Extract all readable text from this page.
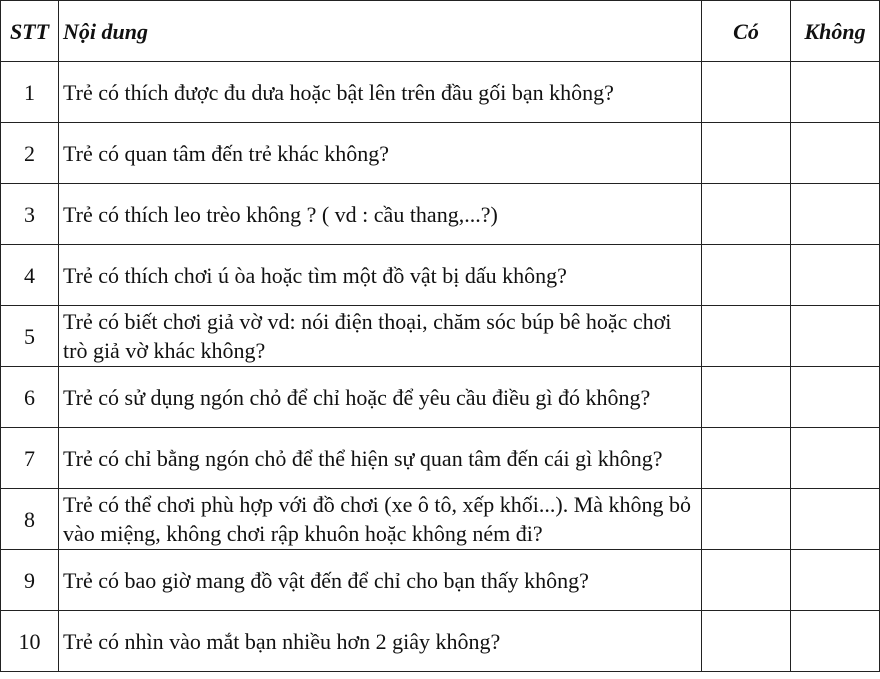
STT	Nội dung	Có	Không
1	Trẻ có thích được đu dưa hoặc bật lên trên đầu gối bạn không?		
2	Trẻ có quan tâm đến trẻ khác không?		
3	Trẻ có thích leo trèo không ? ( vd : cầu thang,...?)		
4	Trẻ có thích chơi ú òa hoặc tìm một đồ vật bị dấu không?		
5	Trẻ có biết chơi giả vờ vd: nói điện thoại, chăm sóc búp bê hoặc chơi trò giả vờ khác không?		
6	Trẻ có sử dụng ngón chỏ để chỉ hoặc để yêu cầu điều gì đó không?		
7	Trẻ có chỉ bằng ngón chỏ để thể hiện sự quan tâm đến cái gì không?		
8	Trẻ có thể chơi phù hợp với đồ chơi (xe ô tô, xếp khối...). Mà không bỏ vào miệng, không chơi rập khuôn hoặc không ném đi?		
9	Trẻ có bao giờ mang đồ vật đến để chỉ cho bạn thấy không?		
10	Trẻ có nhìn vào mắt bạn nhiều hơn 2 giây không?		
